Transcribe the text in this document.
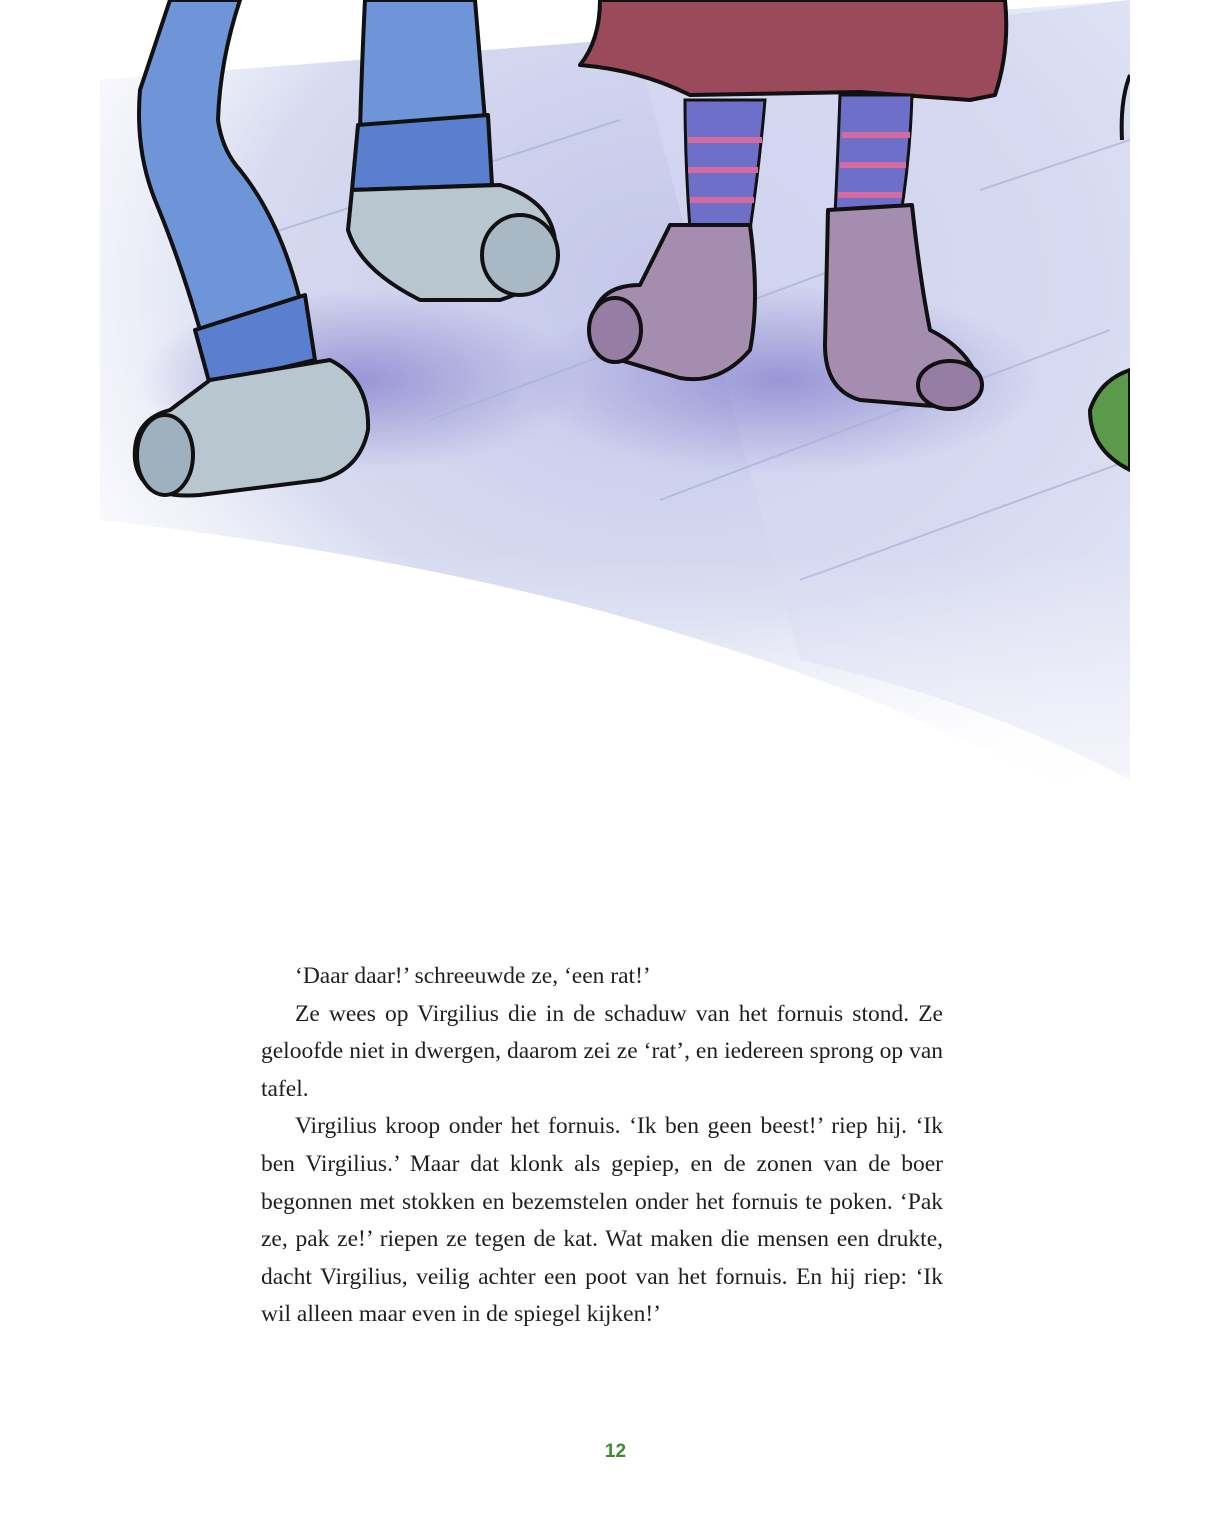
‘Daar daar!’ schreeuwde ze, ‘een rat!’

Ze wees op Virgilius die in de schaduw van het fornuis stond. Ze geloofde niet in dwergen, daarom zei ze ‘rat’, en iedereen sprong op van tafel.

Virgilius kroop onder het fornuis. ‘Ik ben geen beest!’ riep hij. ‘Ik ben Virgilius.’ Maar dat klonk als gepiep, en de zonen van de boer begonnen met stokken en bezemstelen onder het fornuis te poken. ‘Pak ze, pak ze!’ riepen ze tegen de kat. Wat maken die mensen een drukte, dacht Virgilius, veilig achter een poot van het fornuis. En hij riep: ‘Ik wil alleen maar even in de spiegel kijken!’

12
